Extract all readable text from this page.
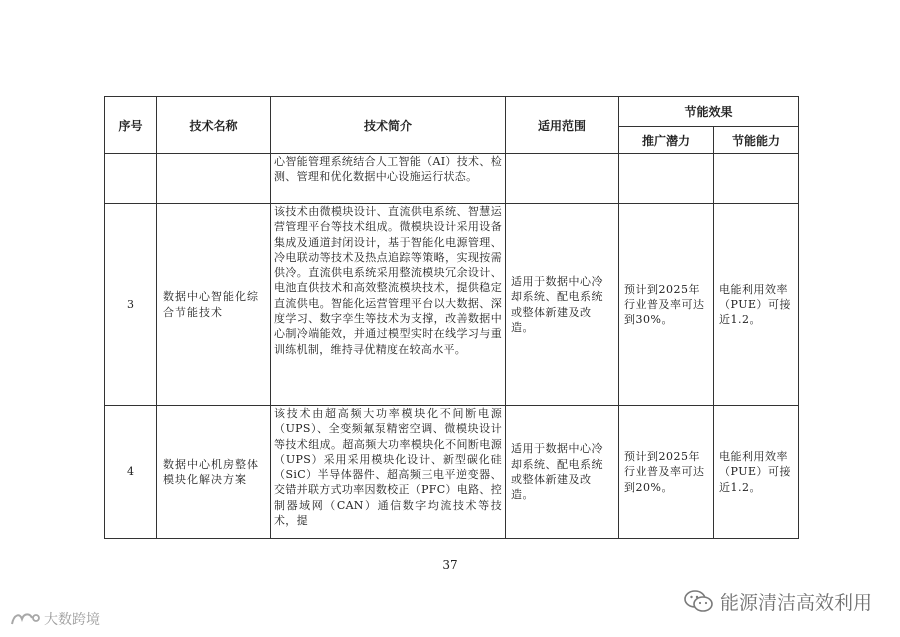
序号	技术名称	技术简介	适用范围	节能效果	
				推广潜力	节能能力
		心智能管理系统结合人工智能（AI）技术、检测、管理和优化数据中心设施运行状态。			
3	数据中心智能化综合节能技术	该技术由微模块设计、直流供电系统、智慧运营管理平台等技术组成。微模块设计采用设备集成及通道封闭设计，基于智能化电源管理、冷电联动等技术及热点追踪等策略，实现按需供冷。直流供电系统采用整流模块冗余设计、电池直供技术和高效整流模块技术，提供稳定直流供电。智能化运营管理平台以大数据、深度学习、数字孪生等技术为支撑，改善数据中心制冷端能效，并通过模型实时在线学习与重训练机制，维持寻优精度在较高水平。	适用于数据中心冷却系统、配电系统或整体新建及改造。	预计到2025年行业普及率可达到30%。	电能利用效率（PUE）可接近1.2。
4	数据中心机房整体模块化解决方案	该技术由超高频大功率模块化不间断电源（UPS）、全变频氟泵精密空调、微模块设计等技术组成。超高频大功率模块化不间断电源（UPS）采用采用模块化设计、新型碳化硅（SiC）半导体器件、超高频三电平逆变器、交错并联方式功率因数校正（PFC）电路、控制器域网（CAN）通信数字均流技术等技术，提	适用于数据中心冷却系统、配电系统或整体新建及改造。	预计到2025年行业普及率可达到20%。	电能利用效率（PUE）可接近1.2。
37
能源清洁高效利用
大数跨境
